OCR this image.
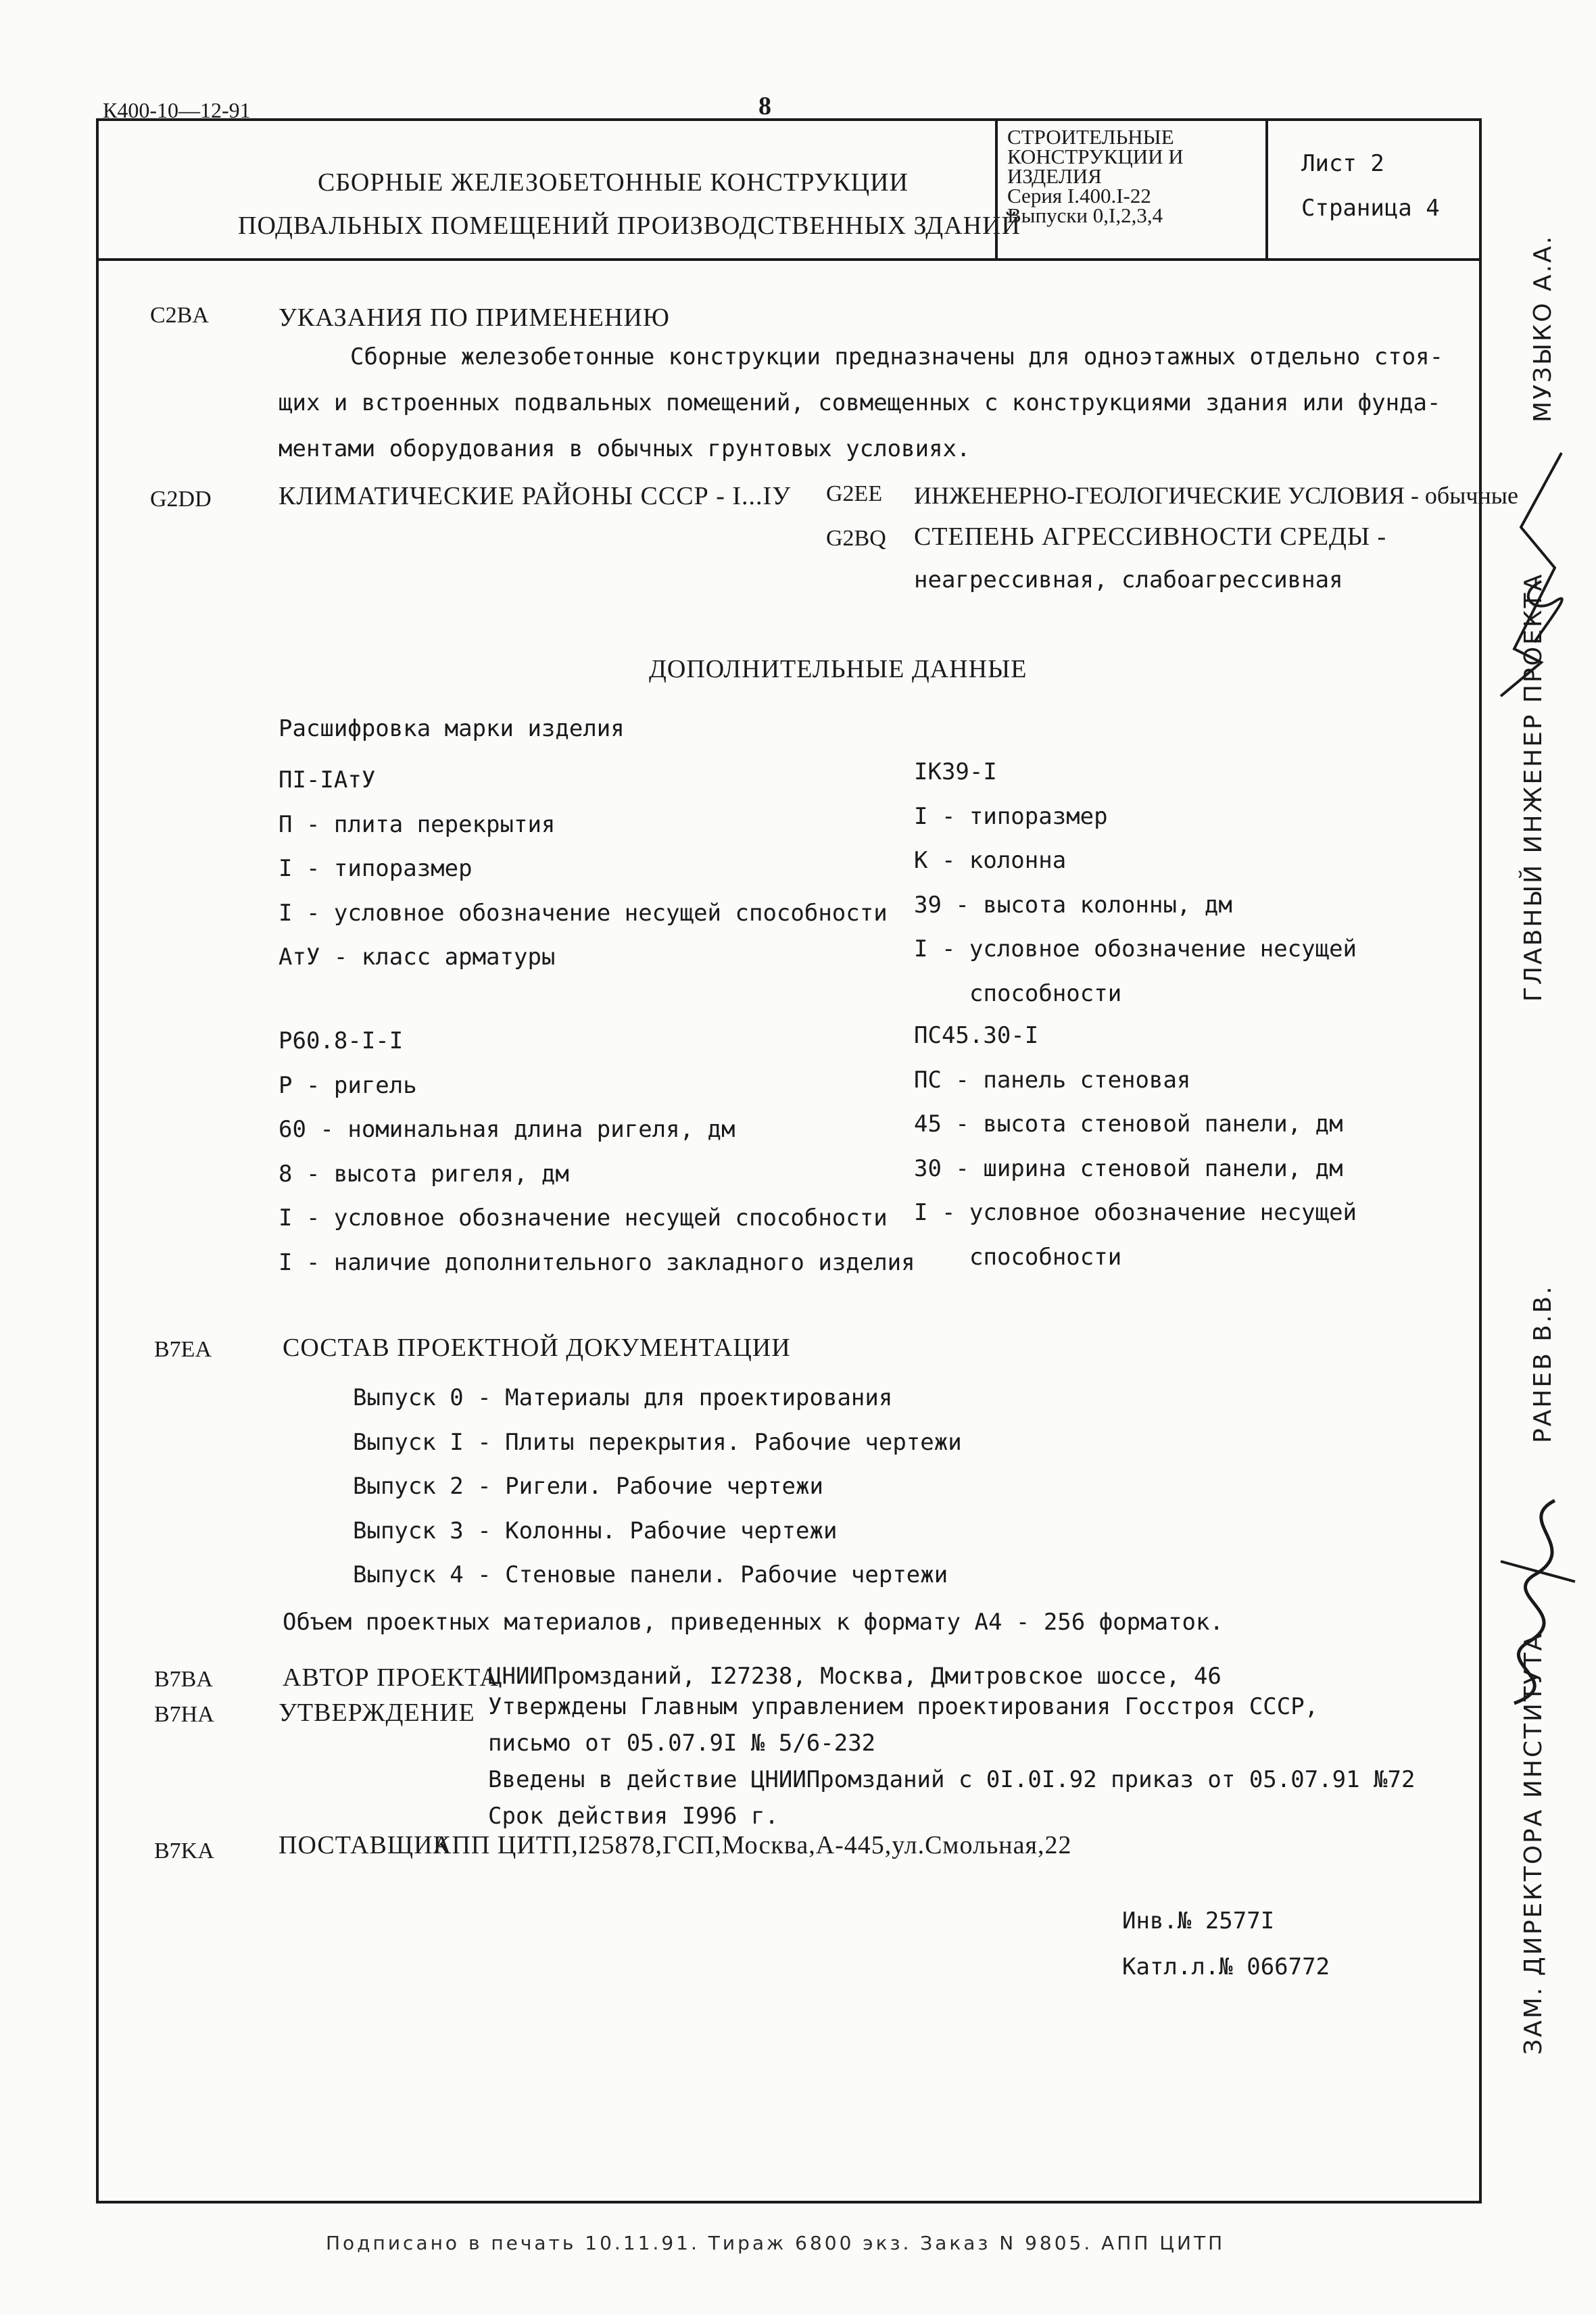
К400-10—12-91	8
СБОРНЫЕ ЖЕЛЕЗОБЕТОННЫЕ КОНСТРУКЦИИ
ПОДВАЛЬНЫХ ПОМЕЩЕНИЙ ПРОИЗВОДСТВЕННЫХ ЗДАНИЙ
СТРОИТЕЛЬНЫЕ
КОНСТРУКЦИИ И
ИЗДЕЛИЯ
Серия I.400.I-22
Выпуски 0,I,2,3,4
Лист 2
Страница 4
C2BA	УКАЗАНИЯ ПО ПРИМЕНЕНИЮ
Сборные железобетонные конструкции предназначены для одноэтажных отдельно стоя-
щих и встроенных подвальных помещений, совмещенных с конструкциями здания или фунда-
ментами оборудования в обычных грунтовых условиях.
G2DD	КЛИМАТИЧЕСКИЕ РАЙОНЫ СССР - I...IУ G2EE ИНЖЕНЕРНО-ГЕОЛОГИЧЕСКИЕ УСЛОВИЯ - обычные
G2BQ СТЕПЕНЬ АГРЕССИВНОСТИ СРЕДЫ -
неагрессивная, слабоагрессивная
ДОПОЛНИТЕЛЬНЫЕ ДАННЫЕ
Расшифровка марки изделия
ПI-IАтУ
П - плита перекрытия
I - типоразмер
I - условное обозначение несущей способности
АтУ - класс арматуры
IК39-I
I - типоразмер
К - колонна
39 - высота колонны, дм
I - условное обозначение несущей
способности
Р60.8-I-I
Р - ригель
60 - номинальная длина ригеля, дм
8 - высота ригеля, дм
I - условное обозначение несущей способности
I - наличие дополнительного закладного изделия
ПС45.30-I
ПС - панель стеновая
45 - высота стеновой панели, дм
30 - ширина стеновой панели, дм
I - условное обозначение несущей
способности
B7EA	СОСТАВ ПРОЕКТНОЙ ДОКУМЕНТАЦИИ
Выпуск 0 - Материалы для проектирования
Выпуск I - Плиты перекрытия. Рабочие чертежи
Выпуск 2 - Ригели. Рабочие чертежи
Выпуск 3 - Колонны. Рабочие чертежи
Выпуск 4 - Стеновые панели. Рабочие чертежи
Объем проектных материалов, приведенных к формату А4 - 256 форматок.
B7BA	АВТОР ПРОЕКТА
ЦНИИПромзданий, I27238, Москва, Дмитровское шоссе, 46
B7HA	УТВЕРЖДЕНИЕ Утверждены Главным управлением проектирования Госстроя СССР,
письмо от 05.07.9I № 5/6-232
Введены в действие ЦНИИПромзданий с 0I.0I.92 приказ от 05.07.91 №72
Срок действия I996 г.
B7KA	ПОСТАВЩИК
АПП ЦИТП,I25878,ГСП,Москва,А-445,ул.Смольная,22
Инв.№ 2577I
Катл.л.№ 066772
ГЛАВНЫЙ ИНЖЕНЕР ПРОЕКТА
МУЗЫКО А.А.
ЗАМ. ДИРЕКТОРА ИНСТИТУТА
РАНЕВ В.В.
Подписано в печать 10.11.91. Тираж 6800 экз. Заказ N 9805. АПП ЦИТП
